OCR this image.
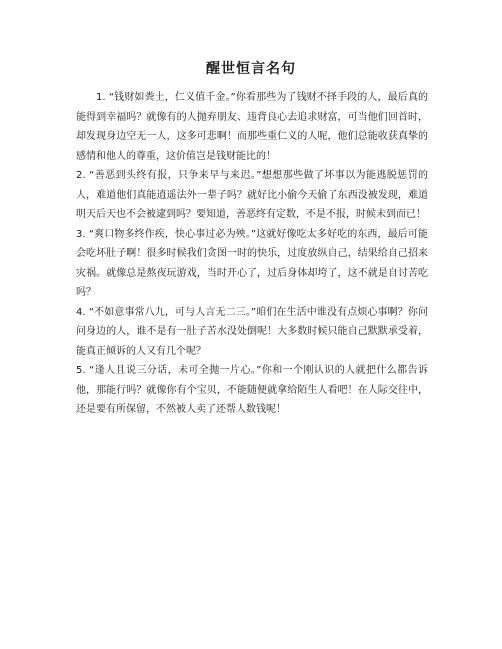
醒世恒言名句

1. “钱财如粪土，仁义值千金。”你看那些为了钱财不择手段的人，最后真的能得到幸福吗？就像有的人抛弃朋友、违背良心去追求财富，可当他们回首时，却发现身边空无一人，这多可悲啊！而那些重仁义的人呢，他们总能收获真挚的感情和他人的尊重，这价值岂是钱财能比的！

2. “善恶到头终有报，只争来早与来迟。”想想那些做了坏事以为能逃脱惩罚的人，难道他们真能逍遥法外一辈子吗？就好比小偷今天偷了东西没被发现，难道明天后天也不会被逮到吗？要知道，善恶终有定数，不是不报，时候未到而已！

3. “爽口物多终作疾，快心事过必为殃。”这就好像吃太多好吃的东西，最后可能会吃坏肚子啊！很多时候我们贪图一时的快乐，过度放纵自己，结果给自己招来灾祸。就像总是熬夜玩游戏，当时开心了，过后身体却垮了，这不就是自讨苦吃吗？

4. “不如意事常八九，可与人言无二三。”咱们在生活中谁没有点烦心事啊？你问问身边的人，谁不是有一肚子苦水没处倒呢！大多数时候只能自己默默承受着，能真正倾诉的人又有几个呢？

5. “逢人且说三分话，未可全抛一片心。”你和一个刚认识的人就把什么都告诉他，那能行吗？就像你有个宝贝，不能随便就拿给陌生人看吧！在人际交往中，还是要有所保留，不然被人卖了还帮人数钱呢！
